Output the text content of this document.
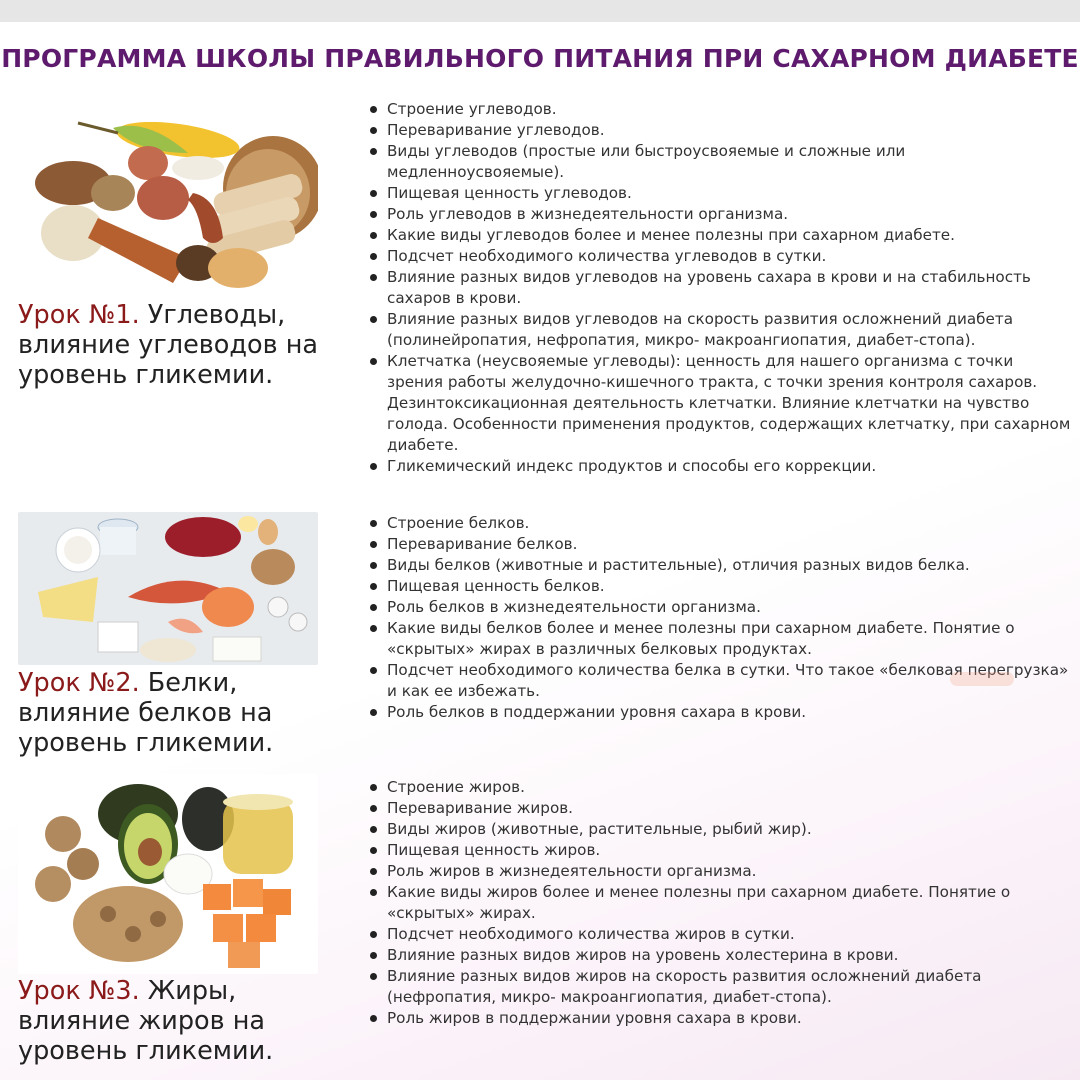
ПРОГРАММА ШКОЛЫ ПРАВИЛЬНОГО ПИТАНИЯ ПРИ САХАРНОМ ДИАБЕТЕ
Урок №1. Углеводы, влияние углеводов на уровень гликемии.
Строение углеводов.
Переваривание углеводов.
Виды углеводов (простые или быстроусвояемые и сложные или медленноусвояемые).
Пищевая ценность углеводов.
Роль углеводов в жизнедеятельности организма.
Какие виды углеводов более и менее полезны при сахарном диабете.
Подсчет необходимого количества углеводов в сутки.
Влияние разных видов углеводов на уровень сахара в крови и на стабильность сахаров в крови.
Влияние разных видов углеводов на скорость развития осложнений диабета (полинейропатия, нефропатия, микро- макроангиопатия, диабет-стопа).
Клетчатка (неусвояемые углеводы): ценность для нашего организма с точки зрения работы желудочно-кишечного тракта, с точки зрения контроля сахаров. Дезинтоксикационная деятельность клетчатки. Влияние клетчатки на чувство голода. Особенности применения продуктов, содержащих клетчатку, при сахарном диабете.
Гликемический индекс продуктов и способы его коррекции.
Урок №2. Белки, влияние белков на уровень гликемии.
Строение белков.
Переваривание белков.
Виды белков (животные и растительные), отличия разных видов белка.
Пищевая ценность белков.
Роль белков в жизнедеятельности организма.
Какие виды белков более и менее полезны при сахарном диабете. Понятие о «скрытых» жирах в различных белковых продуктах.
Подсчет необходимого количества белка в сутки. Что такое «белковая перегрузка» и как ее избежать.
Роль белков в поддержании уровня сахара в крови.
Урок №3. Жиры, влияние жиров на уровень гликемии.
Строение жиров.
Переваривание жиров.
Виды жиров (животные, растительные, рыбий жир).
Пищевая ценность жиров.
Роль жиров в жизнедеятельности организма.
Какие виды жиров более и менее полезны при сахарном диабете. Понятие о «скрытых» жирах.
Подсчет необходимого количества жиров в сутки.
Влияние разных видов жиров на уровень холестерина в крови.
Влияние разных видов жиров на скорость развития осложнений диабета (нефропатия, микро- макроангиопатия, диабет-стопа).
Роль жиров в поддержании уровня сахара в крови.
